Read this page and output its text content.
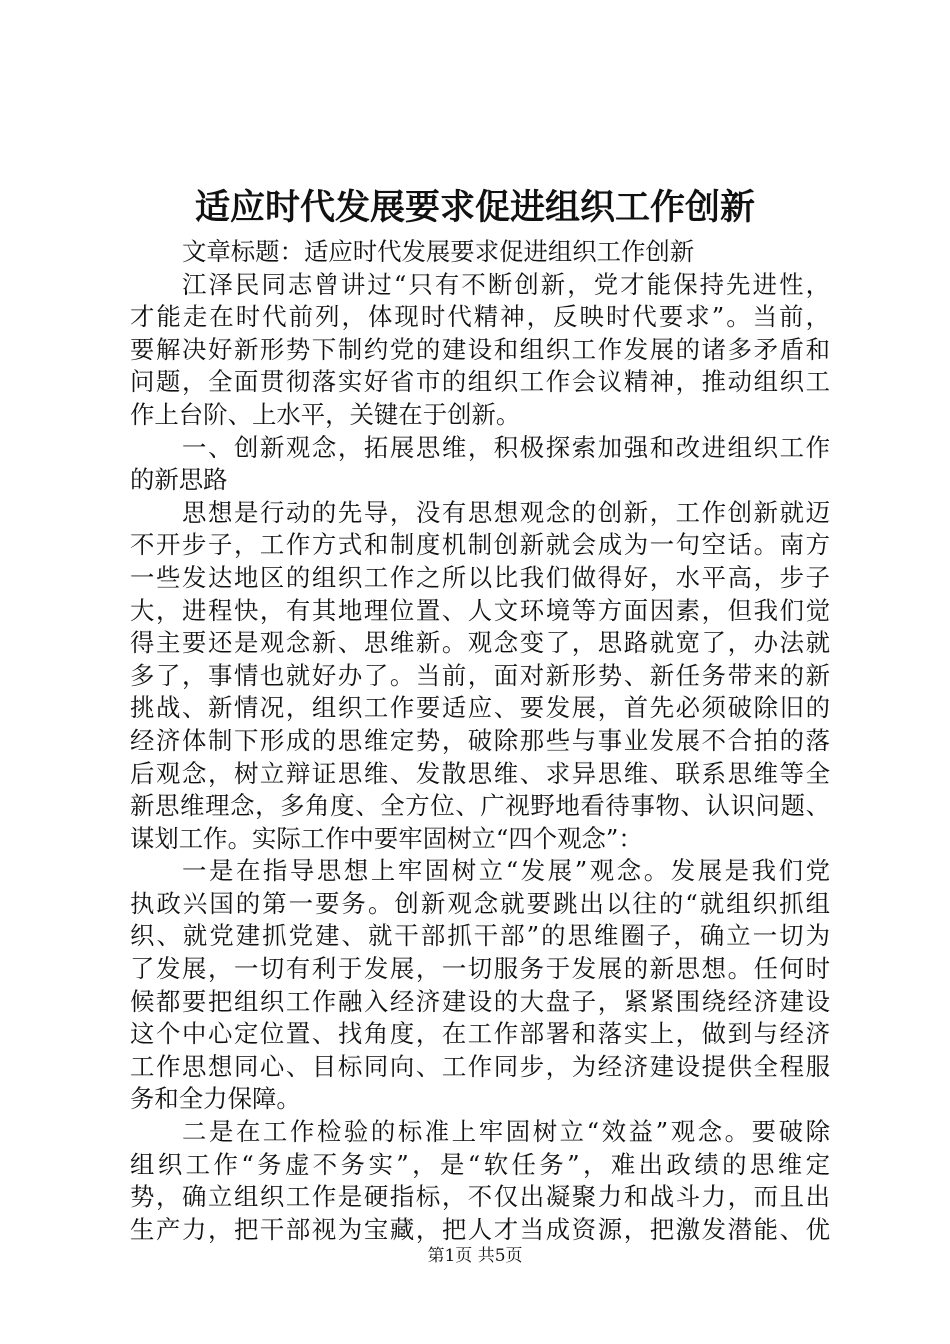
适应时代发展要求促进组织工作创新
文章标题：适应时代发展要求促进组织工作创新
江泽民同志曾讲过“只有不断创新，党才能保持先进性，
才能走在时代前列，体现时代精神，反映时代要求”。当前，
要解决好新形势下制约党的建设和组织工作发展的诸多矛盾和
问题，全面贯彻落实好省市的组织工作会议精神，推动组织工
作上台阶、上水平，关键在于创新。
一、创新观念，拓展思维，积极探索加强和改进组织工作
的新思路
思想是行动的先导，没有思想观念的创新，工作创新就迈
不开步子，工作方式和制度机制创新就会成为一句空话。南方
一些发达地区的组织工作之所以比我们做得好，水平高，步子
大，进程快，有其地理位置、人文环境等方面因素，但我们觉
得主要还是观念新、思维新。观念变了，思路就宽了，办法就
多了，事情也就好办了。当前，面对新形势、新任务带来的新
挑战、新情况，组织工作要适应、要发展，首先必须破除旧的
经济体制下形成的思维定势，破除那些与事业发展不合拍的落
后观念，树立辩证思维、发散思维、求异思维、联系思维等全
新思维理念，多角度、全方位、广视野地看待事物、认识问题、
谋划工作。实际工作中要牢固树立“四个观念”：
一是在指导思想上牢固树立“发展”观念。发展是我们党
执政兴国的第一要务。创新观念就要跳出以往的“就组织抓组
织、就党建抓党建、就干部抓干部”的思维圈子，确立一切为
了发展，一切有利于发展，一切服务于发展的新思想。任何时
候都要把组织工作融入经济建设的大盘子，紧紧围绕经济建设
这个中心定位置、找角度，在工作部署和落实上，做到与经济
工作思想同心、目标同向、工作同步，为经济建设提供全程服
务和全力保障。
二是在工作检验的标准上牢固树立“效益”观念。要破除
组织工作“务虚不务实”，是“软任务”，难出政绩的思维定
势，确立组织工作是硬指标，不仅出凝聚力和战斗力，而且出
生产力，把干部视为宝藏，把人才当成资源，把激发潜能、优
第1页 共5页
